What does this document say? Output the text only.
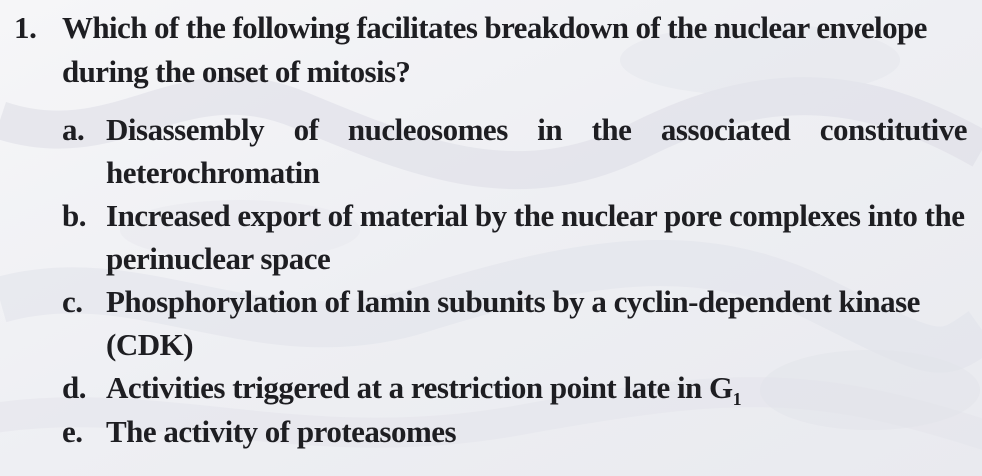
1. Which of the following facilitates breakdown of the nuclear envelope during the onset of mitosis?
a. Disassembly of nucleosomes in the associated constitutive heterochromatin
b. Increased export of material by the nuclear pore complexes into the perinuclear space
c. Phosphorylation of lamin subunits by a cyclin-dependent kinase (CDK)
d. Activities triggered at a restriction point late in $G_1$
e. The activity of proteasomes
